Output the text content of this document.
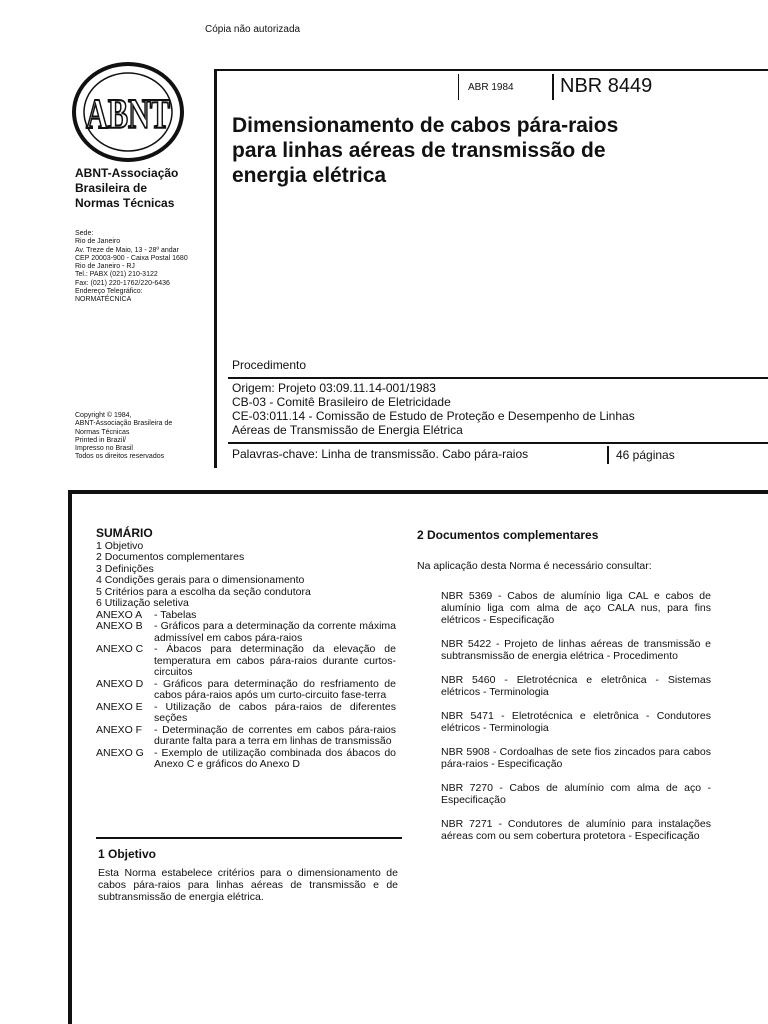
Cópia não autorizada
ABNT
ABNT-Associação
Brasileira de
Normas Técnicas
Sede:
Rio de Janeiro
Av. Treze de Maio, 13 - 28º andar
CEP 20003-900 - Caixa Postal 1680
Rio de Janeiro - RJ
Tel.: PABX (021) 210-3122
Fax: (021) 220-1762/220-6436
Endereço Telegráfico:
NORMATÉCNICA
Copyright © 1984,
ABNT-Associação Brasileira de
Normas Técnicas
Printed in Brazil/
Impresso no Brasil
Todos os direitos reservados
ABR 1984 NBR 8449
Dimensionamento de cabos pára-raios
para linhas aéreas de transmissão de
energia elétrica
Procedimento
Origem: Projeto 03:09.11.14-001/1983
CB-03 - Comitê Brasileiro de Eletricidade
CE-03:011.14 - Comissão de Estudo de Proteção e Desempenho de Linhas
Aéreas de Transmissão de Energia Elétrica
Palavras-chave: Linha de transmissão. Cabo pára-raios	46 páginas
SUMÁRIO
1 Objetivo
2 Documentos complementares
3 Definições
4 Condições gerais para o dimensionamento
5 Critérios para a escolha da seção condutora
6 Utilização seletiva
ANEXO A	- Tabelas
ANEXO B	- Gráficos para a determinação da corrente máxima admissível em cabos pára-raios
ANEXO C	- Ábacos para determinação da elevação de temperatura em cabos pára-raios durante curtos-circuitos
ANEXO D	- Gráficos para determinação do resfriamento de cabos pára-raios após um curto-circuito fase-terra
ANEXO E	- Utilização de cabos pára-raios de diferentes seções
ANEXO F	- Determinação de correntes em cabos pára-raios durante falta para a terra em linhas de transmissão
ANEXO G - Exemplo de utilização combinada dos ábacos do Anexo C e gráficos do Anexo D
1 Objetivo
Esta Norma estabelece critérios para o dimensionamento de cabos pára-raios para linhas aéreas de transmissão e de subtransmissão de energia elétrica.
2 Documentos complementares
Na aplicação desta Norma é necessário consultar:
NBR 5369 - Cabos de alumínio liga CAL e cabos de alumínio liga com alma de aço CALA nus, para fins elétricos - Especificação
NBR 5422 - Projeto de linhas aéreas de transmissão e subtransmissão de energia elétrica - Procedimento
NBR 5460 - Eletrotécnica e eletrônica - Sistemas elétricos - Terminologia
NBR 5471 - Eletrotécnica e eletrônica - Condutores elétricos - Terminologia
NBR 5908 - Cordoalhas de sete fios zincados para cabos pára-raios - Especificação
NBR 7270 - Cabos de alumínio com alma de aço - Especificação
NBR 7271 - Condutores de alumínio para instalações aéreas com ou sem cobertura protetora - Especificação
